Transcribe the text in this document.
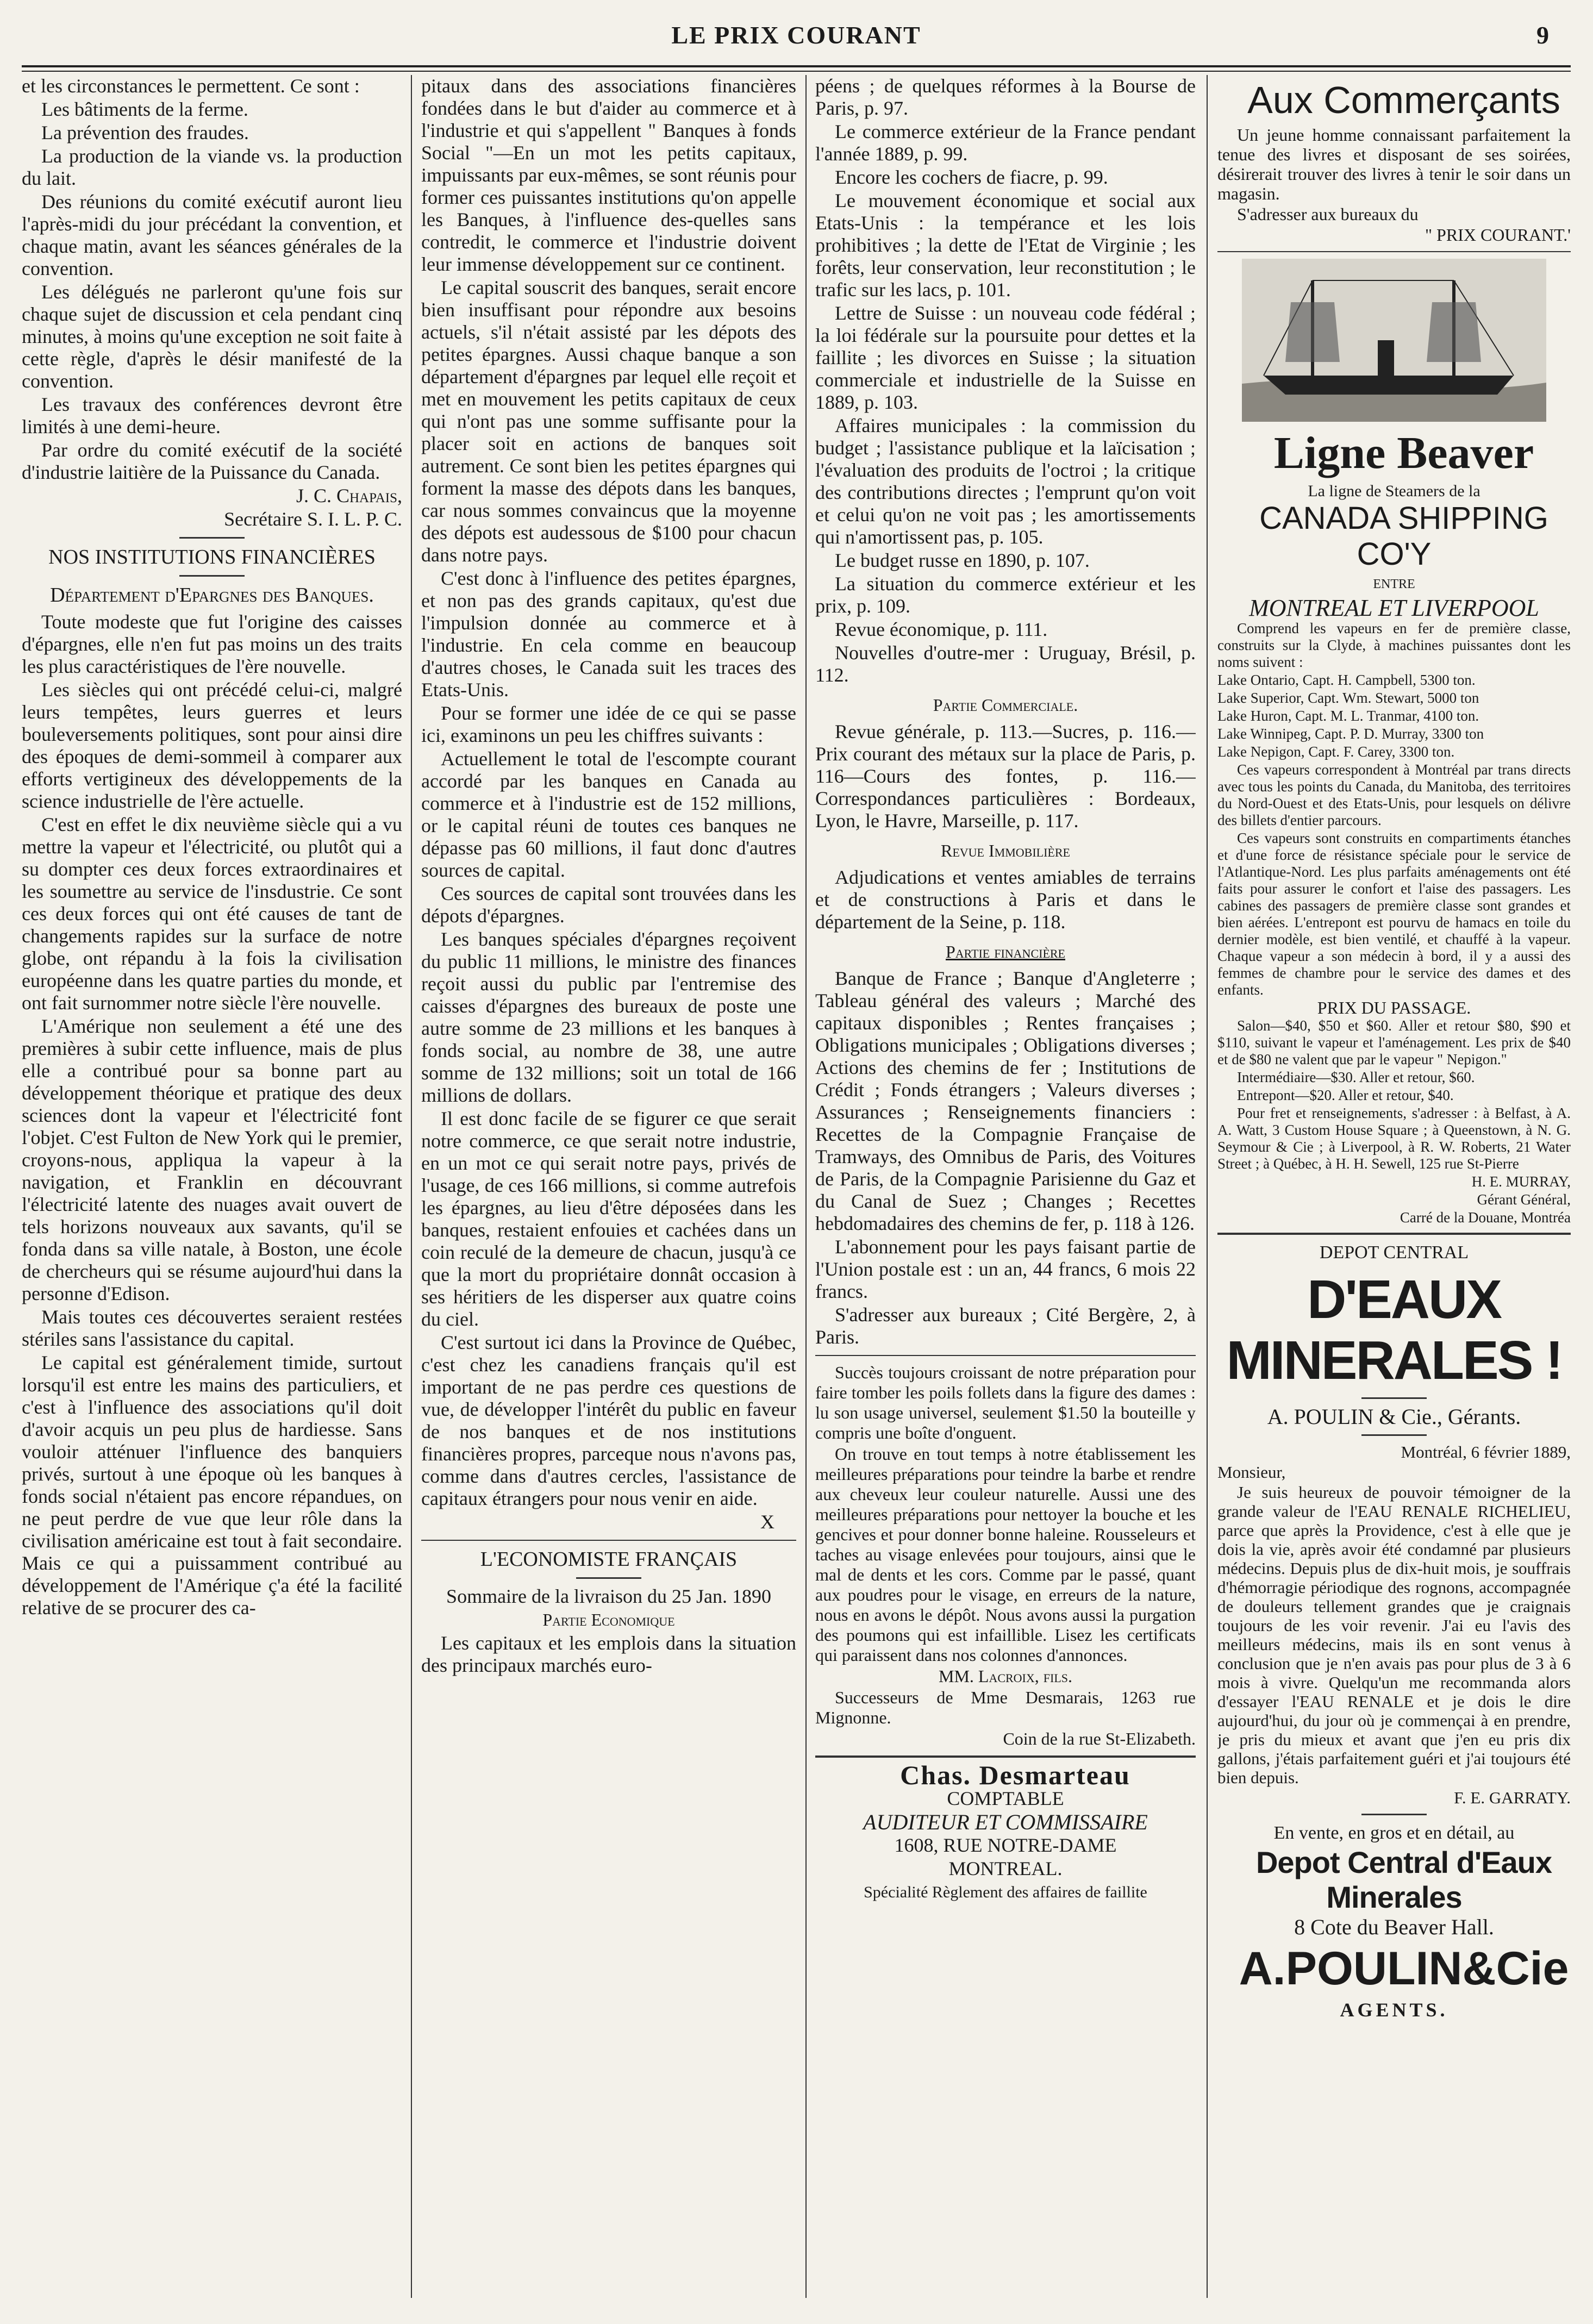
LE PRIX COURANT	9

et les circonstances le permettent. Ce sont :

Les bâtiments de la ferme.

La prévention des fraudes.

La production de la viande vs. la production du lait.

Des réunions du comité exécutif auront lieu l'après-midi du jour précédant la convention, et chaque matin, avant les séances générales de la convention.

Les délégués ne parleront qu'une fois sur chaque sujet de discussion et cela pendant cinq minutes, à moins qu'une exception ne soit faite à cette règle, d'après le désir manifesté de la convention.

Les travaux des conférences devront être limités à une demi-heure.

Par ordre du comité exécutif de la société d'industrie laitière de la Puissance du Canada.

J. C. Chapais,

Secrétaire S. I. L. P. C.

NOS INSTITUTIONS FINANCIÈRES

Département d'Epargnes des Banques.

Toute modeste que fut l'origine des caisses d'épargnes, elle n'en fut pas moins un des traits les plus caractéristiques de l'ère nouvelle.

Les siècles qui ont précédé celui-ci, malgré leurs tempêtes, leurs guerres et leurs bouleversements politiques, sont pour ainsi dire des époques de demi-sommeil à comparer aux efforts vertigineux des développements de la science industrielle de l'ère actuelle.

C'est en effet le dix neuvième siècle qui a vu mettre la vapeur et l'électricité, ou plutôt qui a su dompter ces deux forces extraordinaires et les soumettre au service de l'insdustrie. Ce sont ces deux forces qui ont été causes de tant de changements rapides sur la surface de notre globe, ont répandu à la fois la civilisation européenne dans les quatre parties du monde, et ont fait surnommer notre siècle l'ère nouvelle.

L'Amérique non seulement a été une des premières à subir cette influence, mais de plus elle a contribué pour sa bonne part au développement théorique et pratique des deux sciences dont la vapeur et l'électricité font l'objet. C'est Fulton de New York qui le premier, croyons-nous, appliqua la vapeur à la navigation, et Franklin en découvrant l'électricité latente des nuages avait ouvert de tels horizons nouveaux aux savants, qu'il se fonda dans sa ville natale, à Boston, une école de chercheurs qui se résume aujourd'hui dans la personne d'Edison.

Mais toutes ces découvertes seraient restées stériles sans l'assistance du capital.

Le capital est généralement timide, surtout lorsqu'il est entre les mains des particuliers, et c'est à l'influence des associations qu'il doit d'avoir acquis un peu plus de hardiesse. Sans vouloir atténuer l'influence des banquiers privés, surtout à une époque où les banques à fonds social n'étaient pas encore répandues, on ne peut perdre de vue que leur rôle dans la civilisation américaine est tout à fait secondaire. Mais ce qui a puissamment contribué au développement de l'Amérique ç'a été la facilité relative de se procurer des ca-

pitaux dans des associations financières fondées dans le but d'aider au commerce et à l'industrie et qui s'appellent " Banques à fonds Social "—En un mot les petits capitaux, impuissants par eux-mêmes, se sont réunis pour former ces puissantes institutions qu'on appelle les Banques, à l'influence des-quelles sans contredit, le commerce et l'industrie doivent leur immense développement sur ce continent.

Le capital souscrit des banques, serait encore bien insuffisant pour répondre aux besoins actuels, s'il n'était assisté par les dépots des petites épargnes. Aussi chaque banque a son département d'épargnes par lequel elle reçoit et met en mouvement les petits capitaux de ceux qui n'ont pas une somme suffisante pour la placer soit en actions de banques soit autrement. Ce sont bien les petites épargnes qui forment la masse des dépots dans les banques, car nous sommes convaincus que la moyenne des dépots est audessous de $100 pour chacun dans notre pays.

C'est donc à l'influence des petites épargnes, et non pas des grands capitaux, qu'est due l'impulsion donnée au commerce et à l'industrie. En cela comme en beaucoup d'autres choses, le Canada suit les traces des Etats-Unis.

Pour se former une idée de ce qui se passe ici, examinons un peu les chiffres suivants :

Actuellement le total de l'escompte courant accordé par les banques en Canada au commerce et à l'industrie est de 152 millions, or le capital réuni de toutes ces banques ne dépasse pas 60 millions, il faut donc d'autres sources de capital.

Ces sources de capital sont trouvées dans les dépots d'épargnes.

Les banques spéciales d'épargnes reçoivent du public 11 millions, le ministre des finances reçoit aussi du public par l'entremise des caisses d'épargnes des bureaux de poste une autre somme de 23 millions et les banques à fonds social, au nombre de 38, une autre somme de 132 millions; soit un total de 166 millions de dollars.

Il est donc facile de se figurer ce que serait notre commerce, ce que serait notre industrie, en un mot ce qui serait notre pays, privés de l'usage, de ces 166 millions, si comme autrefois les épargnes, au lieu d'être déposées dans les banques, restaient enfouies et cachées dans un coin reculé de la demeure de chacun, jusqu'à ce que la mort du propriétaire donnât occasion à ses héritiers de les disperser aux quatre coins du ciel.

C'est surtout ici dans la Province de Québec, c'est chez les canadiens français qu'il est important de ne pas perdre ces questions de vue, de développer l'intérêt du public en faveur de nos banques et de nos institutions financières propres, parceque nous n'avons pas, comme dans d'autres cercles, l'assistance de capitaux étrangers pour nous venir en aide.

X

L'ECONOMISTE FRANÇAIS

Sommaire de la livraison du 25 Jan. 1890

Partie Economique

Les capitaux et les emplois dans la situation des principaux marchés euro-

péens ; de quelques réformes à la Bourse de Paris, p. 97.

Le commerce extérieur de la France pendant l'année 1889, p. 99.

Encore les cochers de fiacre, p. 99.

Le mouvement économique et social aux Etats-Unis : la tempérance et les lois prohibitives ; la dette de l'Etat de Virginie ; les forêts, leur conservation, leur reconstitution ; le trafic sur les lacs, p. 101.

Lettre de Suisse : un nouveau code fédéral ; la loi fédérale sur la poursuite pour dettes et la faillite ; les divorces en Suisse ; la situation commerciale et industrielle de la Suisse en 1889, p. 103.

Affaires municipales : la commission du budget ; l'assistance publique et la laïcisation ; l'évaluation des produits de l'octroi ; la critique des contributions directes ; l'emprunt qu'on voit et celui qu'on ne voit pas ; les amortissements qui n'amortissent pas, p. 105.

Le budget russe en 1890, p. 107.

La situation du commerce extérieur et les prix, p. 109.

Revue économique, p. 111.

Nouvelles d'outre-mer : Uruguay, Brésil, p. 112.

Partie Commerciale.

Revue générale, p. 113.—Sucres, p. 116.—Prix courant des métaux sur la place de Paris, p. 116—Cours des fontes, p. 116.—Correspondances particulières : Bordeaux, Lyon, le Havre, Marseille, p. 117.

Revue Immobilière

Adjudications et ventes amiables de terrains et de constructions à Paris et dans le département de la Seine, p. 118.

Partie financière

Banque de France ; Banque d'Angleterre ; Tableau général des valeurs ; Marché des capitaux disponibles ; Rentes françaises ; Obligations municipales ; Obligations diverses ; Actions des chemins de fer ; Institutions de Crédit ; Fonds étrangers ; Valeurs diverses ; Assurances ; Renseignements financiers : Recettes de la Compagnie Française de Tramways, des Omnibus de Paris, des Voitures de Paris, de la Compagnie Parisienne du Gaz et du Canal de Suez ; Changes ; Recettes hebdomadaires des chemins de fer, p. 118 à 126.

L'abonnement pour les pays faisant partie de l'Union postale est : un an, 44 francs, 6 mois 22 francs.

S'adresser aux bureaux ; Cité Bergère, 2, à Paris.

Succès toujours croissant de notre préparation pour faire tomber les poils follets dans la figure des dames : lu son usage universel, seulement $1.50 la bouteille y compris une boîte d'onguent.

On trouve en tout temps à notre établissement les meilleures préparations pour teindre la barbe et rendre aux cheveux leur couleur naturelle. Aussi une des meilleures préparations pour nettoyer la bouche et les gencives et pour donner bonne haleine. Rousseleurs et taches au visage enlevées pour toujours, ainsi que le mal de dents et les cors. Comme par le passé, quant aux poudres pour le visage, en erreurs de la nature, nous en avons le dépôt. Nous avons aussi la purgation des poumons qui est infaillible. Lisez les certificats qui paraissent dans nos colonnes d'annonces.

MM. Lacroix, fils.

Successeurs de Mme Desmarais, 1263 rue Mignonne.

Coin de la rue St-Elizabeth.

Chas. Desmarteau

COMPTABLE

AUDITEUR ET COMMISSAIRE

1608, RUE NOTRE-DAME

MONTREAL.

Spécialité Règlement des affaires de faillite

Aux Commerçants

Un jeune homme connaissant parfaitement la tenue des livres et disposant de ses soirées, désirerait trouver des livres à tenir le soir dans un magasin.

S'adresser aux bureaux du

" PRIX COURANT.'

Ligne Beaver

La ligne de Steamers de la

CANADA SHIPPING CO'Y

ENTRE

MONTREAL ET LIVERPOOL

Comprend les vapeurs en fer de première classe, construits sur la Clyde, à machines puissantes dont les noms suivent :

Lake Ontario, Capt. H. Campbell, 5300 ton.

Lake Superior, Capt. Wm. Stewart, 5000 ton

Lake Huron, Capt. M. L. Tranmar, 4100 ton.

Lake Winnipeg, Capt. P. D. Murray, 3300 ton

Lake Nepigon, Capt. F. Carey, 3300 ton.

Ces vapeurs correspondent à Montréal par trans directs avec tous les points du Canada, du Manitoba, des territoires du Nord-Ouest et des Etats-Unis, pour lesquels on délivre des billets d'entier parcours.

Ces vapeurs sont construits en compartiments étanches et d'une force de résistance spéciale pour le service de l'Atlantique-Nord. Les plus parfaits aménagements ont été faits pour assurer le confort et l'aise des passagers. Les cabines des passagers de première classe sont grandes et bien aérées. L'entrepont est pourvu de hamacs en toile du dernier modèle, est bien ventilé, et chauffé à la vapeur. Chaque vapeur a son médecin à bord, il y a aussi des femmes de chambre pour le service des dames et des enfants.

PRIX DU PASSAGE.

Salon—$40, $50 et $60. Aller et retour $80, $90 et $110, suivant le vapeur et l'aménagement. Les prix de $40 et de $80 ne valent que par le vapeur " Nepigon."

Intermédiaire—$30. Aller et retour, $60.

Entrepont—$20. Aller et retour, $40.

Pour fret et renseignements, s'adresser : à Belfast, à A. A. Watt, 3 Custom House Square ; à Queenstown, à N. G. Seymour & Cie ; à Liverpool, à R. W. Roberts, 21 Water Street ; à Québec, à H. H. Sewell, 125 rue St-Pierre

H. E. MURRAY,

Gérant Général,

Carré de la Douane, Montréa

DEPOT CENTRAL

D'EAUX MINERALES !

A. POULIN & Cie., Gérants.

Montréal, 6 février 1889,

Monsieur,

Je suis heureux de pouvoir témoigner de la grande valeur de l'EAU RENALE RICHELIEU, parce que après la Providence, c'est à elle que je dois la vie, après avoir été condamné par plusieurs médecins. Depuis plus de dix-huit mois, je souffrais d'hémorragie périodique des rognons, accompagnée de douleurs tellement grandes que je craignais toujours de les voir revenir. J'ai eu l'avis des meilleurs médecins, mais ils en sont venus à conclusion que je n'en avais pas pour plus de 3 à 6 mois à vivre. Quelqu'un me recommanda alors d'essayer l'EAU RENALE et je dois le dire aujourd'hui, du jour où je commençai à en prendre, je pris du mieux et avant que j'en eu pris dix gallons, j'étais parfaitement guéri et j'ai toujours été bien depuis.

F. E. GARRATY.

En vente, en gros et en détail, au

Depot Central d'Eaux Minerales

8 Cote du Beaver Hall.

A.POULIN&Cie

AGENTS.
